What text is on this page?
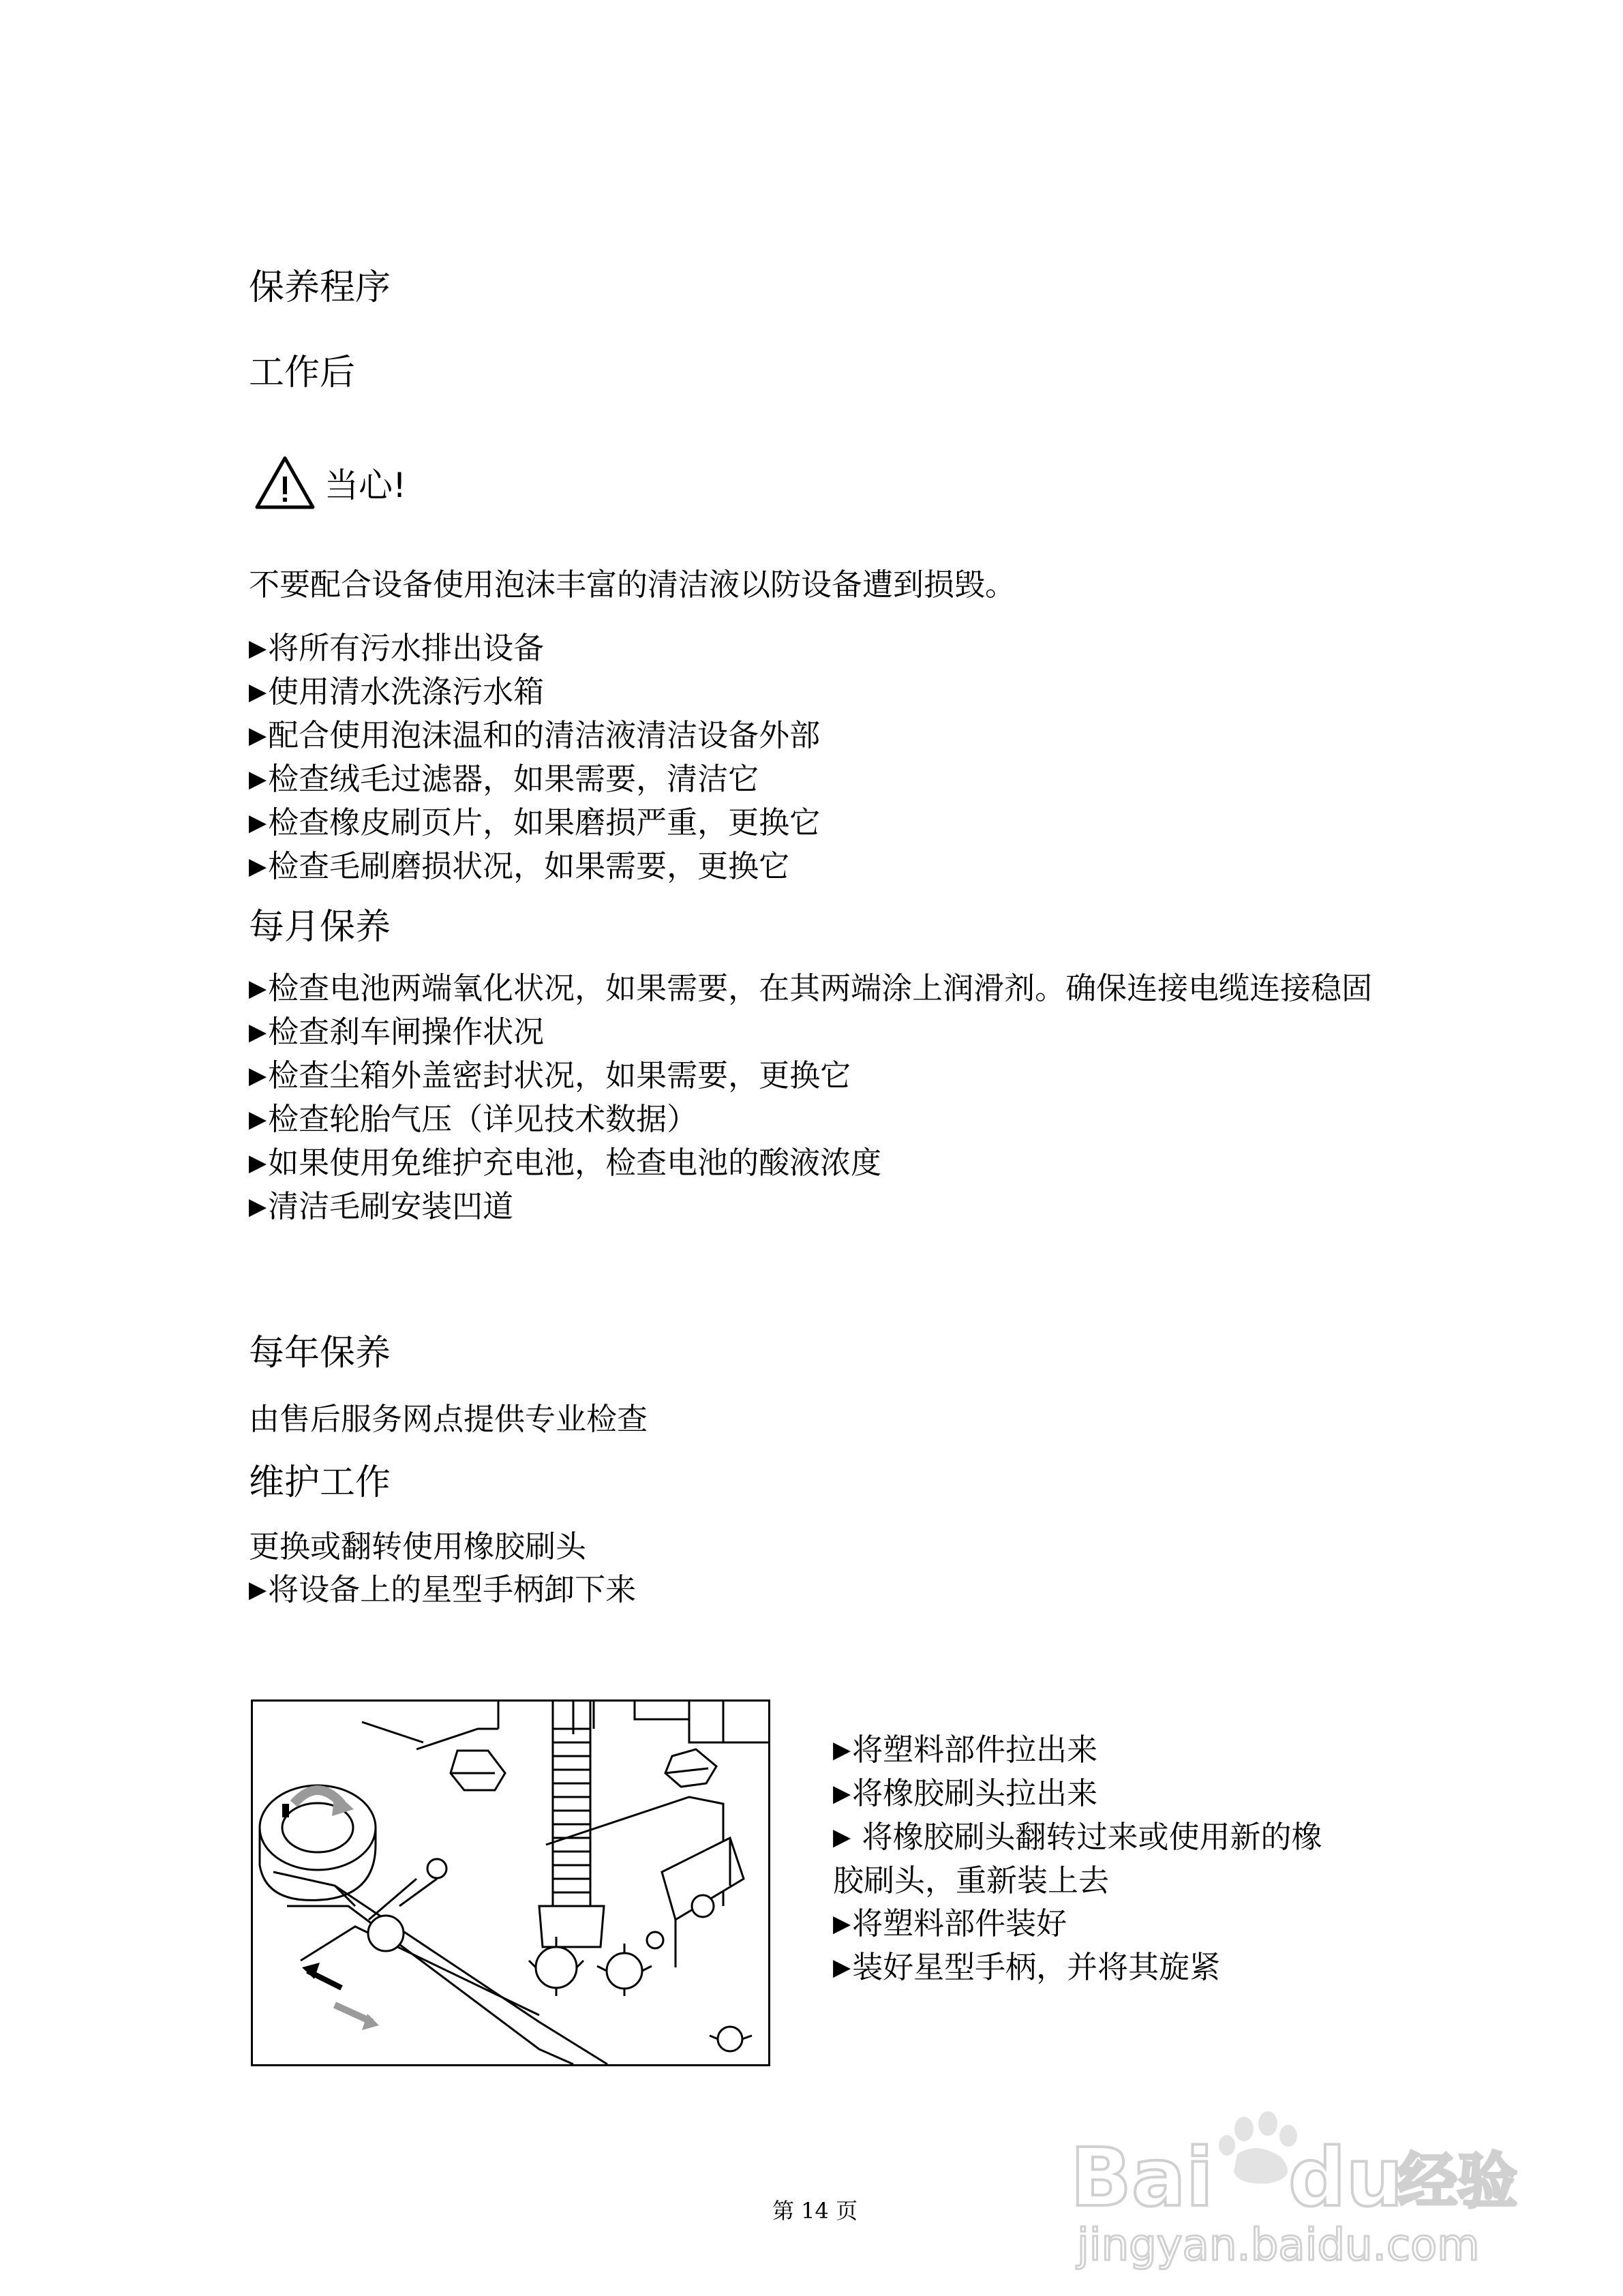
保养程序
工作后
当心!
不要配合设备使用泡沫丰富的清洁液以防设备遭到损毁。
▶将所有污水排出设备
▶使用清水洗涤污水箱
▶配合使用泡沫温和的清洁液清洁设备外部
▶检查绒毛过滤器，如果需要，清洁它
▶检查橡皮刷页片，如果磨损严重，更换它
▶检查毛刷磨损状况，如果需要，更换它
每月保养
▶检查电池两端氧化状况，如果需要，在其两端涂上润滑剂。确保连接电缆连接稳固
▶检查刹车闸操作状况
▶检查尘箱外盖密封状况，如果需要，更换它
▶检查轮胎气压（详见技术数据）
▶如果使用免维护充电池，检查电池的酸液浓度
▶清洁毛刷安装凹道
每年保养
由售后服务网点提供专业检查
维护工作
更换或翻转使用橡胶刷头
▶将设备上的星型手柄卸下来
▶将塑料部件拉出来
▶将橡胶刷头拉出来
▶ 将橡胶刷头翻转过来或使用新的橡胶刷头，重新装上去
▶将塑料部件装好
▶装好星型手柄，并将其旋紧
第 14 页	Bai du
经验
jingyan.baidu.com
